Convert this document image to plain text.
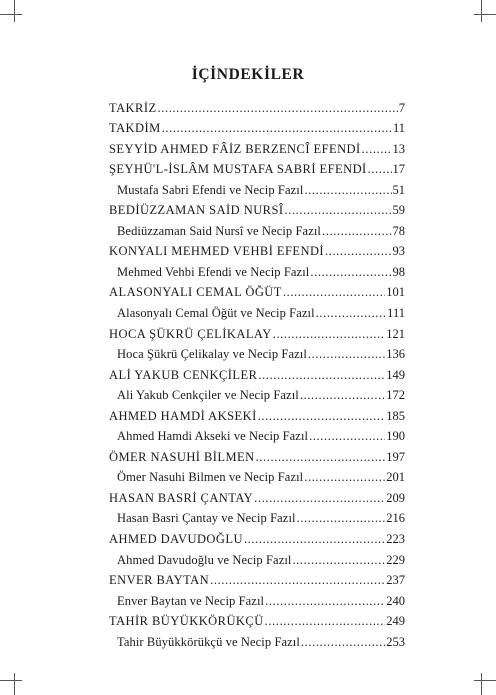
İÇİNDEKİLER
TAKRİZ .....	7
TAKDİM .....	11
SEYYİD AHMED FÂİZ BERZENCÎ EFENDİ .....	13
ŞEYHÜ'L-İSLÂM MUSTAFA SABRİ EFENDİ ..... 17
Mustafa Sabri Efendi ve Necip Fazıl .....	51
BEDİÜZZAMAN SAİD NURSÎ .....	59
Bediüzzaman Said Nursî ve Necip Fazıl .....	78
KONYALI MEHMED VEHBİ EFENDİ .....	93
Mehmed Vehbi Efendi ve Necip Fazıl .....	98
ALASONYALI CEMAL ÖĞÜT .....	101
Alasonyalı Cemal Öğüt ve Necip Fazıl .....	111
HOCA ŞÜKRÜ ÇELİKALAY .....	121
Hoca Şükrü Çelikalay ve Necip Fazıl .....	136
ALİ YAKUB CENKÇİLER .....	149
Ali Yakub Cenkçiler ve Necip Fazıl .....	172
AHMED HAMDİ AKSEKİ .....	185
Ahmed Hamdi Akseki ve Necip Fazıl .....	190
ÖMER NASUHİ BİLMEN .....	197
Ömer Nasuhi Bilmen ve Necip Fazıl .....	201
HASAN BASRİ ÇANTAY .....	209
Hasan Basri Çantay ve Necip Fazıl .....	216
AHMED DAVUDOĞLU .....	223
Ahmed Davudoğlu ve Necip Fazıl .....	229
ENVER BAYTAN .....	237
Enver Baytan ve Necip Fazıl .....	240
TAHİR BÜYÜKKÖRÜKÇÜ .....	249
Tahir Büyükkörükçü ve Necip Fazıl .....	253
